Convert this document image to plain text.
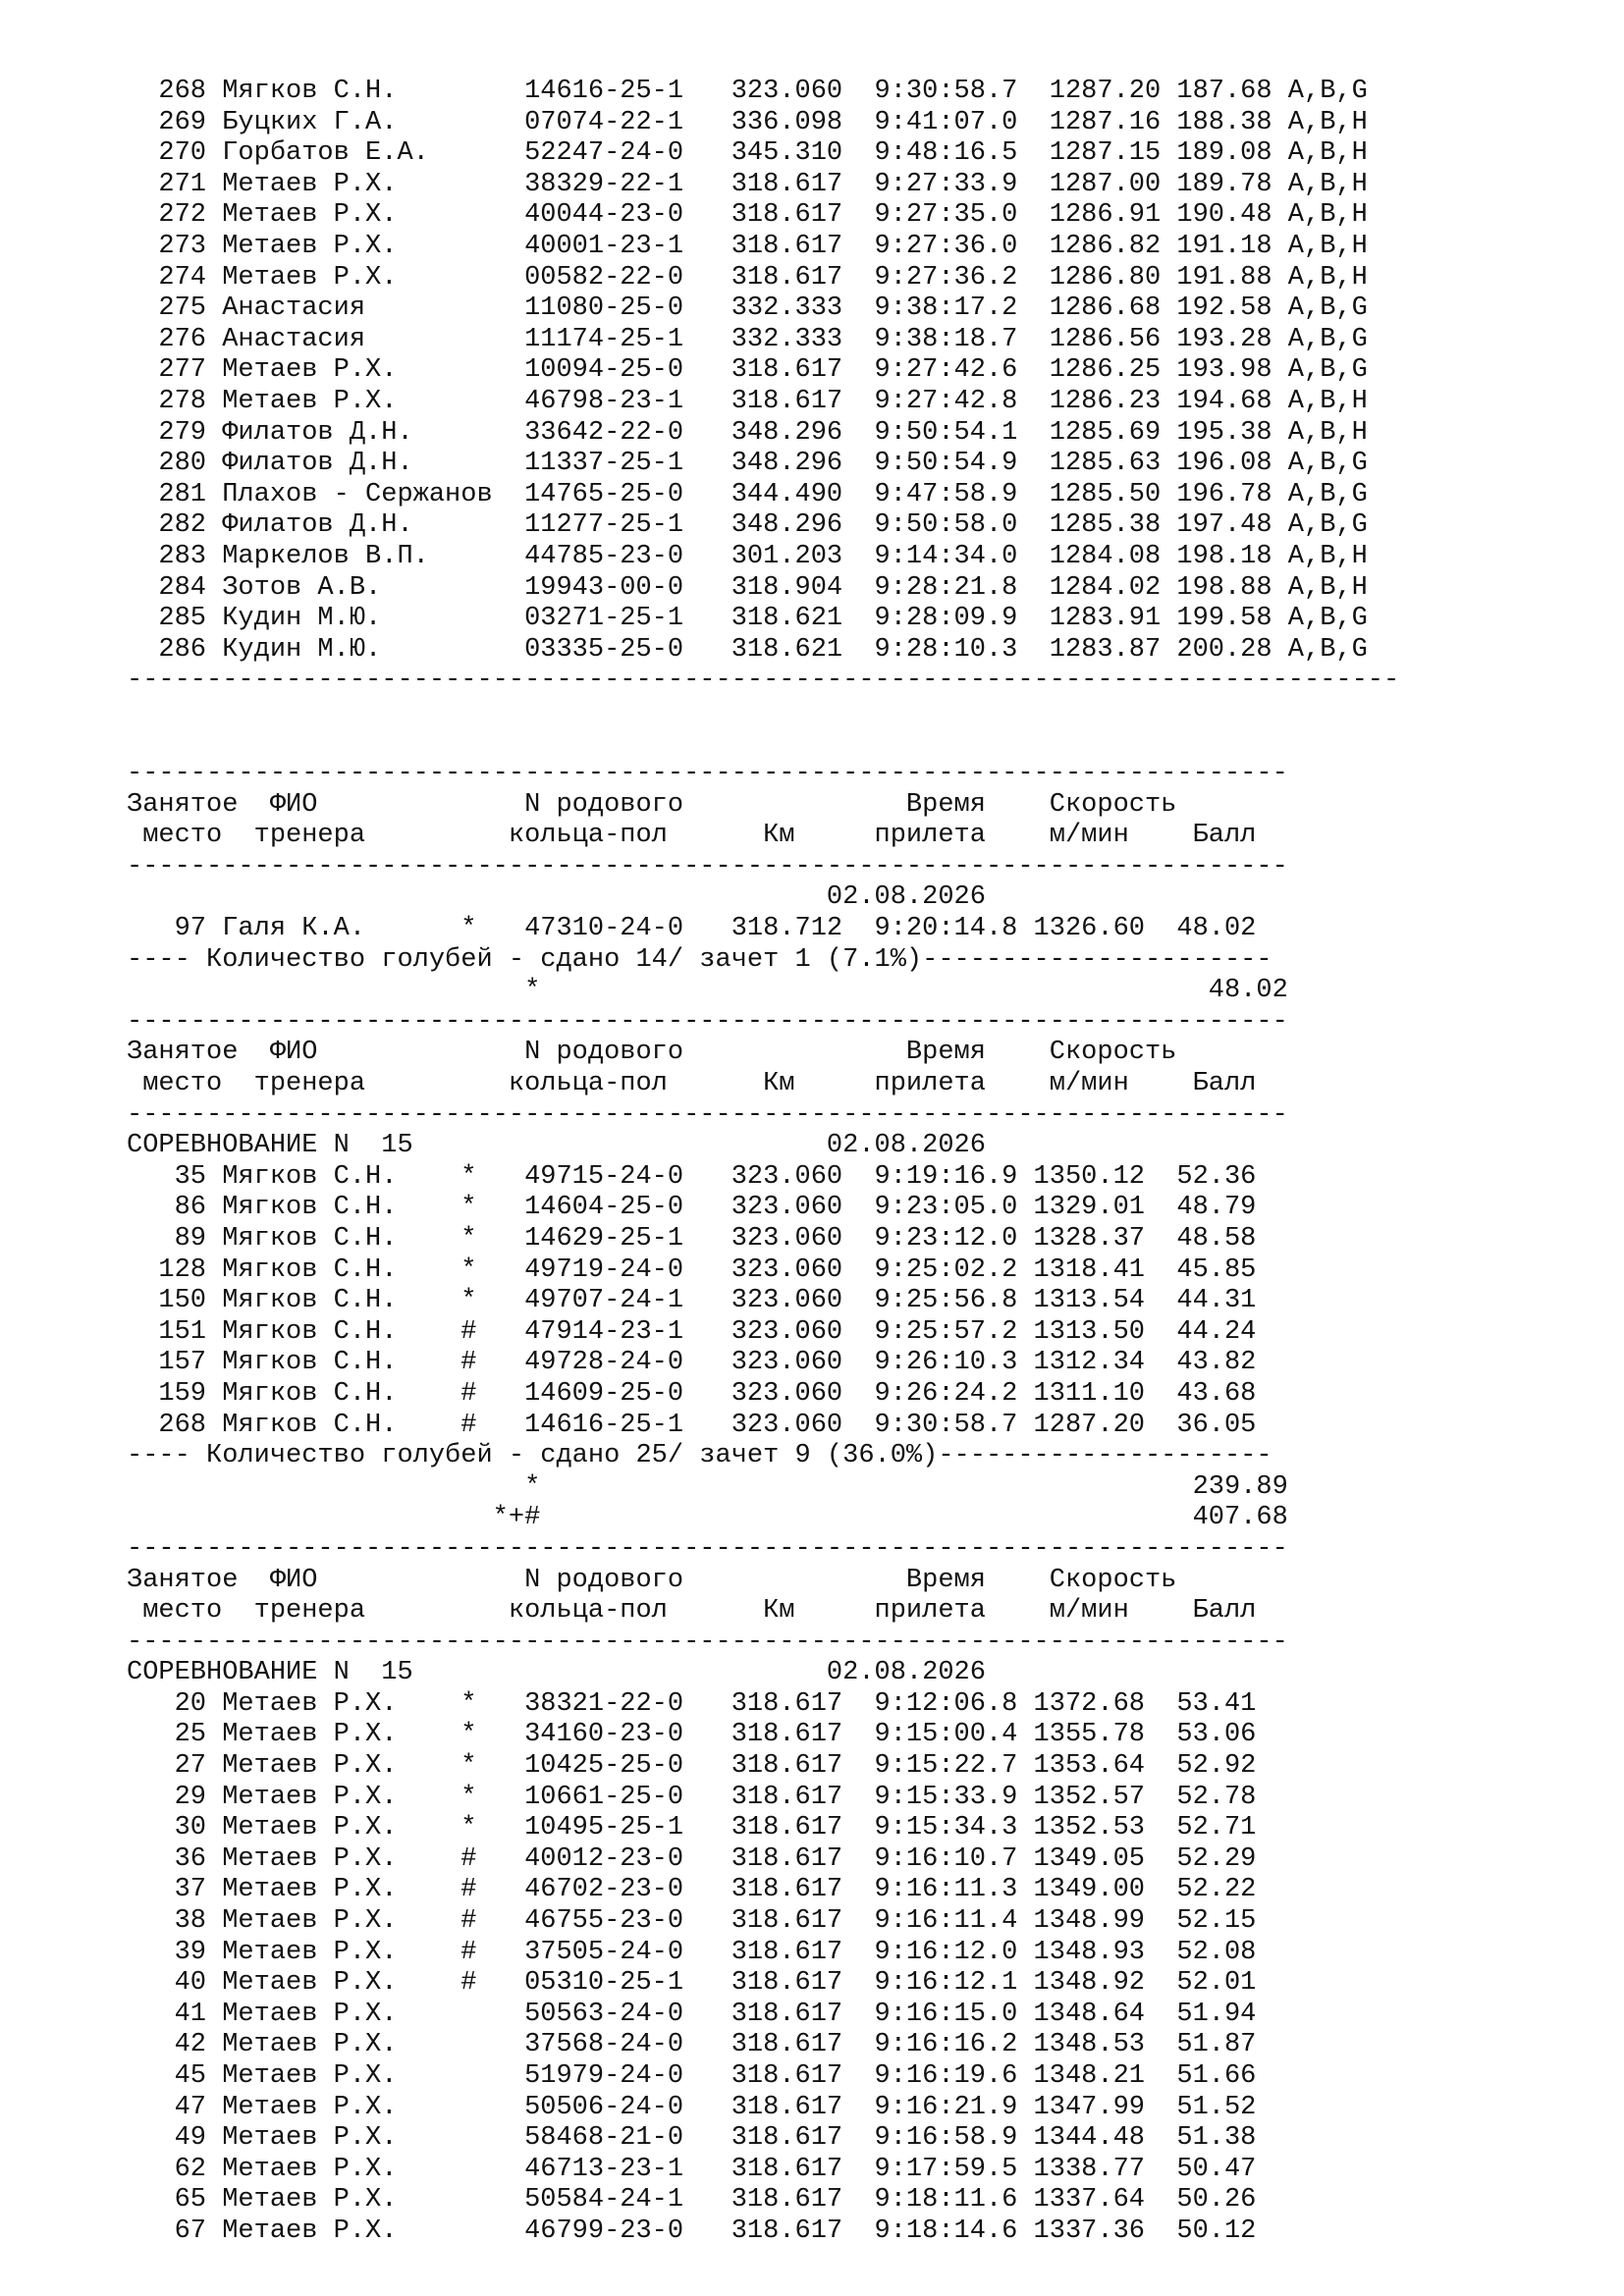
268 Мягков С.Н.        14616-25-1   323.060  9:30:58.7  1287.20 187.68 A,B,G
269 Буцких Г.А.        07074-22-1   336.098  9:41:07.0  1287.16 188.38 A,B,H
270 Горбатов Е.А.      52247-24-0   345.310  9:48:16.5  1287.15 189.08 A,B,H
271 Метаев Р.Х.        38329-22-1   318.617  9:27:33.9  1287.00 189.78 A,B,H
272 Метаев Р.Х.        40044-23-0   318.617  9:27:35.0  1286.91 190.48 A,B,H
273 Метаев Р.Х.        40001-23-1   318.617  9:27:36.0  1286.82 191.18 A,B,H
274 Метаев Р.Х.        00582-22-0   318.617  9:27:36.2  1286.80 191.88 A,B,H
275 Анастасия          11080-25-0   332.333  9:38:17.2  1286.68 192.58 A,B,G
276 Анастасия          11174-25-1   332.333  9:38:18.7  1286.56 193.28 A,B,G
277 Метаев Р.Х.        10094-25-0   318.617  9:27:42.6  1286.25 193.98 A,B,G
278 Метаев Р.Х.        46798-23-1   318.617  9:27:42.8  1286.23 194.68 A,B,H
279 Филатов Д.Н.       33642-22-0   348.296  9:50:54.1  1285.69 195.38 A,B,H
280 Филатов Д.Н.       11337-25-1   348.296  9:50:54.9  1285.63 196.08 A,B,G
281 Плахов - Сержанов  14765-25-0   344.490  9:47:58.9  1285.50 196.78 A,B,G
282 Филатов Д.Н.       11277-25-1   348.296  9:50:58.0  1285.38 197.48 A,B,G
283 Маркелов В.П.      44785-23-0   301.203  9:14:34.0  1284.08 198.18 A,B,H
284 Зотов А.В.         19943-00-0   318.904  9:28:21.8  1284.02 198.88 A,B,H
285 Кудин М.Ю.         03271-25-1   318.621  9:28:09.9  1283.91 199.58 A,B,G
286 Кудин М.Ю.         03335-25-0   318.621  9:28:10.3  1283.87 200.28 A,B,G
--------------------------------------------------------------------------------
-------------------------------------------------------------------------
Занятое  ФИО             N родового              Время    Скорость
место  тренера         кольца-пол      Км     прилета    м/мин    Балл
-------------------------------------------------------------------------
02.08.2026
97 Галя К.А.      *   47310-24-0   318.712  9:20:14.8 1326.60  48.02
---- Количество голубей - сдано 14/ зачет 1 (7.1%)----------------------
*                                          48.02
-------------------------------------------------------------------------
Занятое  ФИО             N родового              Время    Скорость
место  тренера         кольца-пол      Км     прилета    м/мин    Балл
-------------------------------------------------------------------------
СОРЕВНОВАНИЕ N  15                          02.08.2026
35 Мягков С.Н.    *   49715-24-0   323.060  9:19:16.9 1350.12  52.36
86 Мягков С.Н.    *   14604-25-0   323.060  9:23:05.0 1329.01  48.79
89 Мягков С.Н.    *   14629-25-1   323.060  9:23:12.0 1328.37  48.58
128 Мягков С.Н.    *   49719-24-0   323.060  9:25:02.2 1318.41  45.85
150 Мягков С.Н.    *   49707-24-1   323.060  9:25:56.8 1313.54  44.31
151 Мягков С.Н.    #   47914-23-1   323.060  9:25:57.2 1313.50  44.24
157 Мягков С.Н.    #   49728-24-0   323.060  9:26:10.3 1312.34  43.82
159 Мягков С.Н.    #   14609-25-0   323.060  9:26:24.2 1311.10  43.68
268 Мягков С.Н.    #   14616-25-1   323.060  9:30:58.7 1287.20  36.05
---- Количество голубей - сдано 25/ зачет 9 (36.0%)---------------------
*                                         239.89
*+#                                         407.68
-------------------------------------------------------------------------
Занятое  ФИО             N родового              Время    Скорость
место  тренера         кольца-пол      Км     прилета    м/мин    Балл
-------------------------------------------------------------------------
СОРЕВНОВАНИЕ N  15                          02.08.2026
20 Метаев Р.Х.    *   38321-22-0   318.617  9:12:06.8 1372.68  53.41
25 Метаев Р.Х.    *   34160-23-0   318.617  9:15:00.4 1355.78  53.06
27 Метаев Р.Х.    *   10425-25-0   318.617  9:15:22.7 1353.64  52.92
29 Метаев Р.Х.    *   10661-25-0   318.617  9:15:33.9 1352.57  52.78
30 Метаев Р.Х.    *   10495-25-1   318.617  9:15:34.3 1352.53  52.71
36 Метаев Р.Х.    #   40012-23-0   318.617  9:16:10.7 1349.05  52.29
37 Метаев Р.Х.    #   46702-23-0   318.617  9:16:11.3 1349.00  52.22
38 Метаев Р.Х.    #   46755-23-0   318.617  9:16:11.4 1348.99  52.15
39 Метаев Р.Х.    #   37505-24-0   318.617  9:16:12.0 1348.93  52.08
40 Метаев Р.Х.    #   05310-25-1   318.617  9:16:12.1 1348.92  52.01
41 Метаев Р.Х.        50563-24-0   318.617  9:16:15.0 1348.64  51.94
42 Метаев Р.Х.        37568-24-0   318.617  9:16:16.2 1348.53  51.87
45 Метаев Р.Х.        51979-24-0   318.617  9:16:19.6 1348.21  51.66
47 Метаев Р.Х.        50506-24-0   318.617  9:16:21.9 1347.99  51.52
49 Метаев Р.Х.        58468-21-0   318.617  9:16:58.9 1344.48  51.38
62 Метаев Р.Х.        46713-23-1   318.617  9:17:59.5 1338.77  50.47
65 Метаев Р.Х.        50584-24-1   318.617  9:18:11.6 1337.64  50.26
67 Метаев Р.Х.        46799-23-0   318.617  9:18:14.6 1337.36  50.12
